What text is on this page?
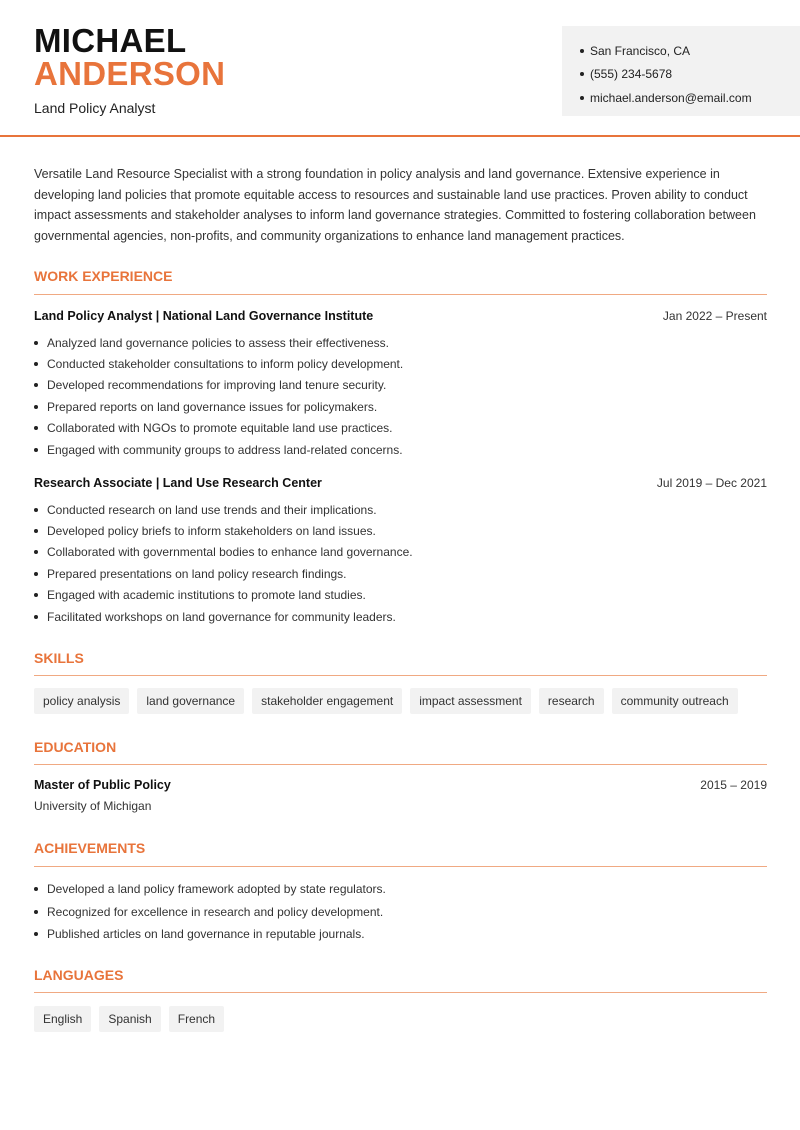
MICHAEL
ANDERSON
Land Policy Analyst
San Francisco, CA
(555) 234-5678
michael.anderson@email.com

Versatile Land Resource Specialist with a strong foundation in policy analysis and land governance. Extensive experience in developing land policies that promote equitable access to resources and sustainable land use practices. Proven ability to conduct impact assessments and stakeholder analyses to inform land governance strategies. Committed to fostering collaboration between governmental agencies, non-profits, and community organizations to enhance land management practices.

WORK EXPERIENCE
Land Policy Analyst | National Land Governance Institute	Jan 2022 – Present
Analyzed land governance policies to assess their effectiveness.
Conducted stakeholder consultations to inform policy development.
Developed recommendations for improving land tenure security.
Prepared reports on land governance issues for policymakers.
Collaborated with NGOs to promote equitable land use practices.
Engaged with community groups to address land-related concerns.
Research Associate | Land Use Research Center	Jul 2019 – Dec 2021
Conducted research on land use trends and their implications.
Developed policy briefs to inform stakeholders on land issues.
Collaborated with governmental bodies to enhance land governance.
Prepared presentations on land policy research findings.
Engaged with academic institutions to promote land studies.
Facilitated workshops on land governance for community leaders.
SKILLS
policy analysis	land governance	stakeholder engagement	impact assessment	research	community outreach
EDUCATION
Master of Public Policy	2015 – 2019
University of Michigan
ACHIEVEMENTS
Developed a land policy framework adopted by state regulators.
Recognized for excellence in research and policy development.
Published articles on land governance in reputable journals.
LANGUAGES
English	Spanish	French
